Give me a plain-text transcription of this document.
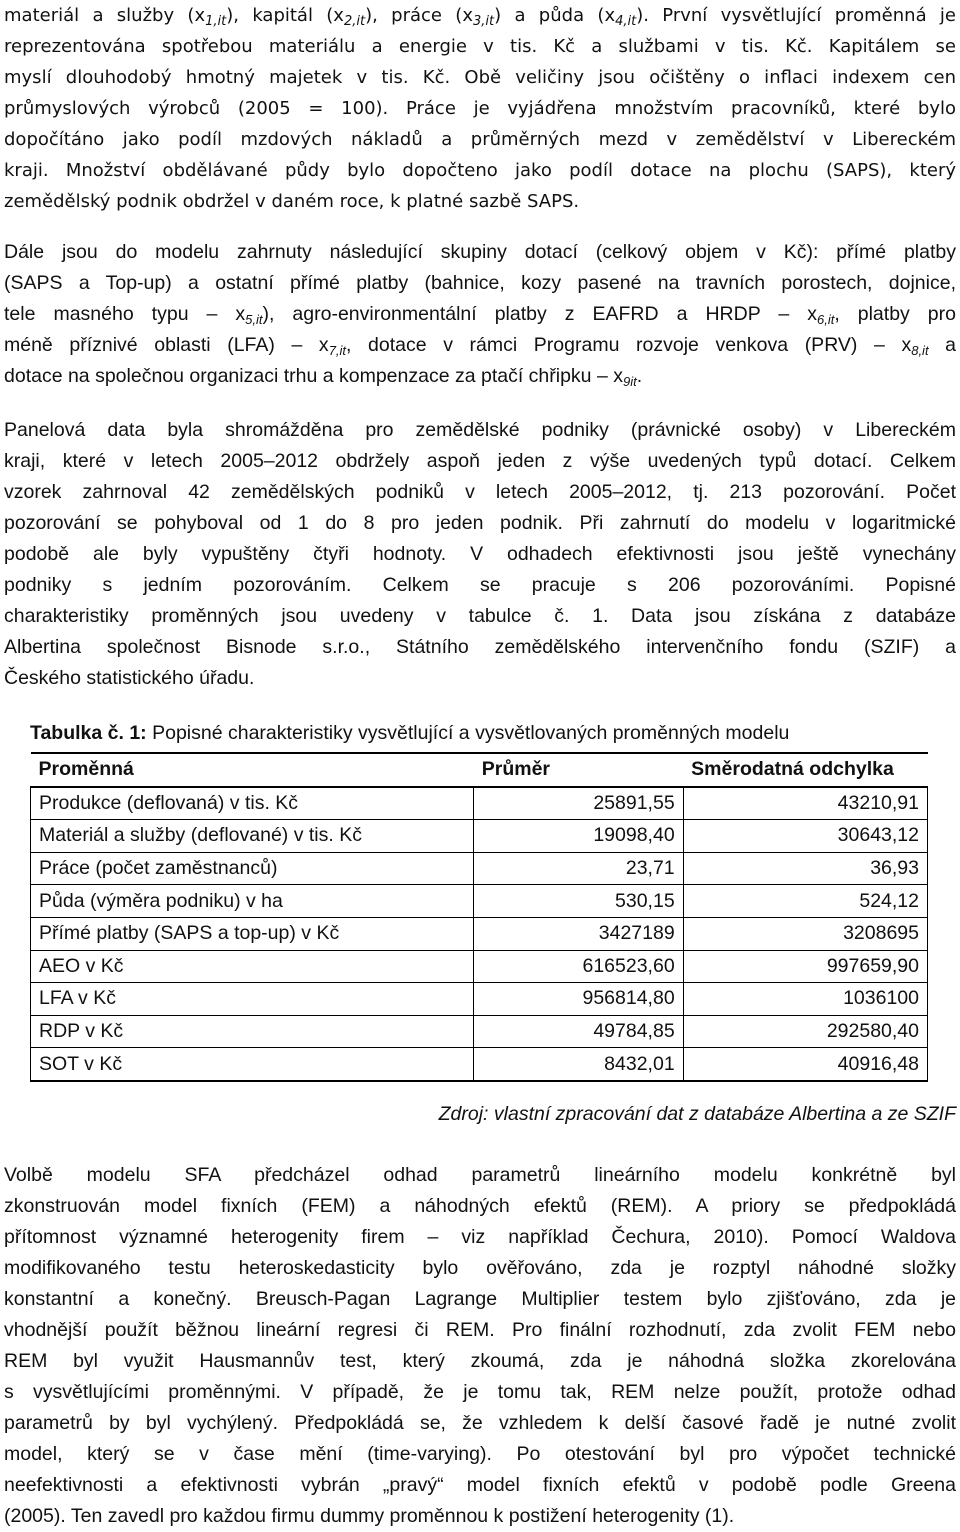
materiál a služby $(x_{1,it})$, kapitál $(x_{2,it})$, práce $(x_{3,it})$ a půda $(x_{4,it})$. První vysvětlující proměnná je
reprezentována spotřebou materiálu a energie v tis. Kč a službami v tis. Kč. Kapitálem se
myslí dlouhodobý hmotný majetek v tis. Kč. Obě veličiny jsou očištěny o inflaci indexem cen
průmyslových výrobců (2005 = 100). Práce je vyjádřena množstvím pracovníků, které bylo
dopočítáno jako podíl mzdových nákladů a průměrných mezd v zemědělství v Libereckém
kraji. Množství obdělávané půdy bylo dopočteno jako podíl dotace na plochu (SAPS), který
zemědělský podnik obdržel v daném roce, k platné sazbě SAPS.
Dále jsou do modelu zahrnuty následující skupiny dotací (celkový objem v Kč): přímé platby
(SAPS a Top-up) a ostatní přímé platby (bahnice, kozy pasené na travních porostech, dojnice,
tele masného typu – $x_{5,it}$), agro-environmentální platby z EAFRD a HRDP – $x_{6,it}$, platby pro
méně příznivé oblasti $(LFA) - x_{7,it}$, dotace v rámci Programu rozvoje venkova $(PRV) - x_{8,it}$ a
dotace na společnou organizaci trhu a kompenzace za ptačí chřipku – $x_{9it}$.
Panelová data byla shromážděna pro zemědělské podniky (právnické osoby) v Libereckém
kraji, které v letech 2005–2012 obdržely aspoň jeden z výše uvedených typů dotací. Celkem
vzorek zahrnoval 42 zemědělských podniků v letech 2005–2012, tj. 213 pozorování. Počet
pozorování se pohyboval od 1 do 8 pro jeden podnik. Při zahrnutí do modelu v logaritmické
podobě ale byly vypuštěny čtyři hodnoty. V odhadech efektivnosti jsou ještě vynechány
podniky s jedním pozorováním. Celkem se pracuje s 206 pozorováními. Popisné
charakteristiky proměnných jsou uvedeny v tabulce č. 1. Data jsou získána z databáze
Albertina společnost Bisnode s.r.o., Státního zemědělského intervenčního fondu (SZIF) a
Českého statistického úřadu.
Tabulka č. 1: Popisné charakteristiky vysvětlující a vysvětlovaných proměnných modelu
Proměnná	Průměr	Směrodatná odchylka
Produkce (deflovaná) v tis. Kč	25891,55	43210,91
Materiál a služby (deflované) v tis. Kč	19098,40	30643,12
Práce (počet zaměstnanců)	23,71	36,93
Půda (výměra podniku) v ha	530,15	524,12
Přímé platby (SAPS a top-up) v Kč	3427189	3208695
AEO v Kč	616523,60	997659,90
LFA v Kč	956814,80	1036100
RDP v Kč	49784,85	292580,40
SOT v Kč	8432,01	40916,48
Zdroj: vlastní zpracování dat z databáze Albertina a ze SZIF
Volbě modelu SFA předcházel odhad parametrů lineárního modelu konkrétně byl
zkonstruován model fixních (FEM) a náhodných efektů (REM). A priory se předpokládá
přítomnost významné heterogenity firem – viz například Čechura, 2010). Pomocí Waldova
modifikovaného testu heteroskedasticity bylo ověřováno, zda je rozptyl náhodné složky
konstantní a konečný. Breusch-Pagan Lagrange Multiplier testem bylo zjišťováno, zda je
vhodnější použít běžnou lineární regresi či REM. Pro finální rozhodnutí, zda zvolit FEM nebo
REM byl využit Hausmannův test, který zkoumá, zda je náhodná složka zkorelována
s vysvětlujícími proměnnými. V případě, že je tomu tak, REM nelze použít, protože odhad
parametrů by byl vychýlený. Předpokládá se, že vzhledem k delší časové řadě je nutné zvolit
model, který se v čase mění (time-varying). Po otestování byl pro výpočet technické
neefektivnosti a efektivnosti vybrán „pravý“ model fixních efektů v podobě podle Greena
(2005). Ten zavedl pro každou firmu dummy proměnnou k postižení heterogenity (1).
